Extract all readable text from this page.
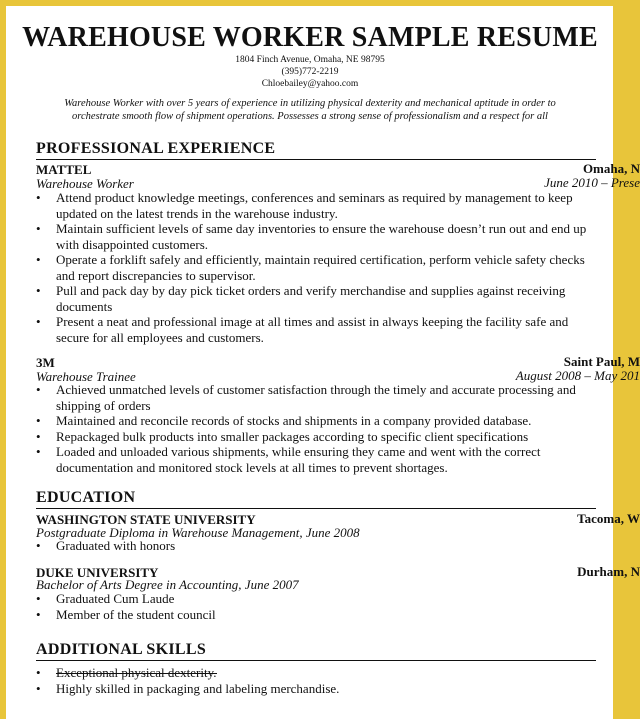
WAREHOUSE WORKER SAMPLE RESUME
1804 Finch Avenue, Omaha, NE 98795
(395)772-2219
Chloebailey@yahoo.com
Warehouse Worker with over 5 years of experience in utilizing physical dexterity and mechanical aptitude in order to orchestrate smooth flow of shipment operations. Possesses a strong sense of professionalism and a respect for all
PROFESSIONAL EXPERIENCE
MATTEL	Omaha, N
Warehouse Worker	June 2010 – Prese
•	Attend product knowledge meetings, conferences and seminars as required by management to keep updated on the latest trends in the warehouse industry.
•	Maintain sufficient levels of same day inventories to ensure the warehouse doesn’t run out and end up with disappointed customers.
•	Operate a forklift safely and efficiently, maintain required certification, perform vehicle safety checks and report discrepancies to supervisor.
•	Pull and pack day by day pick ticket orders and verify merchandise and supplies against receiving documents
•	Present a neat and professional image at all times and assist in always keeping the facility safe and secure for all employees and customers.
3M	Saint Paul, M
Warehouse Trainee	August 2008 – May 201
•	Achieved unmatched levels of customer satisfaction through the timely and accurate processing and shipping of orders
•	Maintained and reconcile records of stocks and shipments in a company provided database.
•	Repackaged bulk products into smaller packages according to specific client specifications
•	Loaded and unloaded various shipments, while ensuring they came and went with the correct documentation and monitored stock levels at all times to prevent shortages.
EDUCATION
WASHINGTON STATE UNIVERSITY	Tacoma, W
Postgraduate Diploma in Warehouse Management, June 2008
•	Graduated with honors
DUKE UNIVERSITY	Durham, N
Bachelor of Arts Degree in Accounting, June 2007
•	Graduated Cum Laude
•	Member of the student council
ADDITIONAL SKILLS
•	Exceptional physical dexterity.
•	Highly skilled in packaging and labeling merchandise.
